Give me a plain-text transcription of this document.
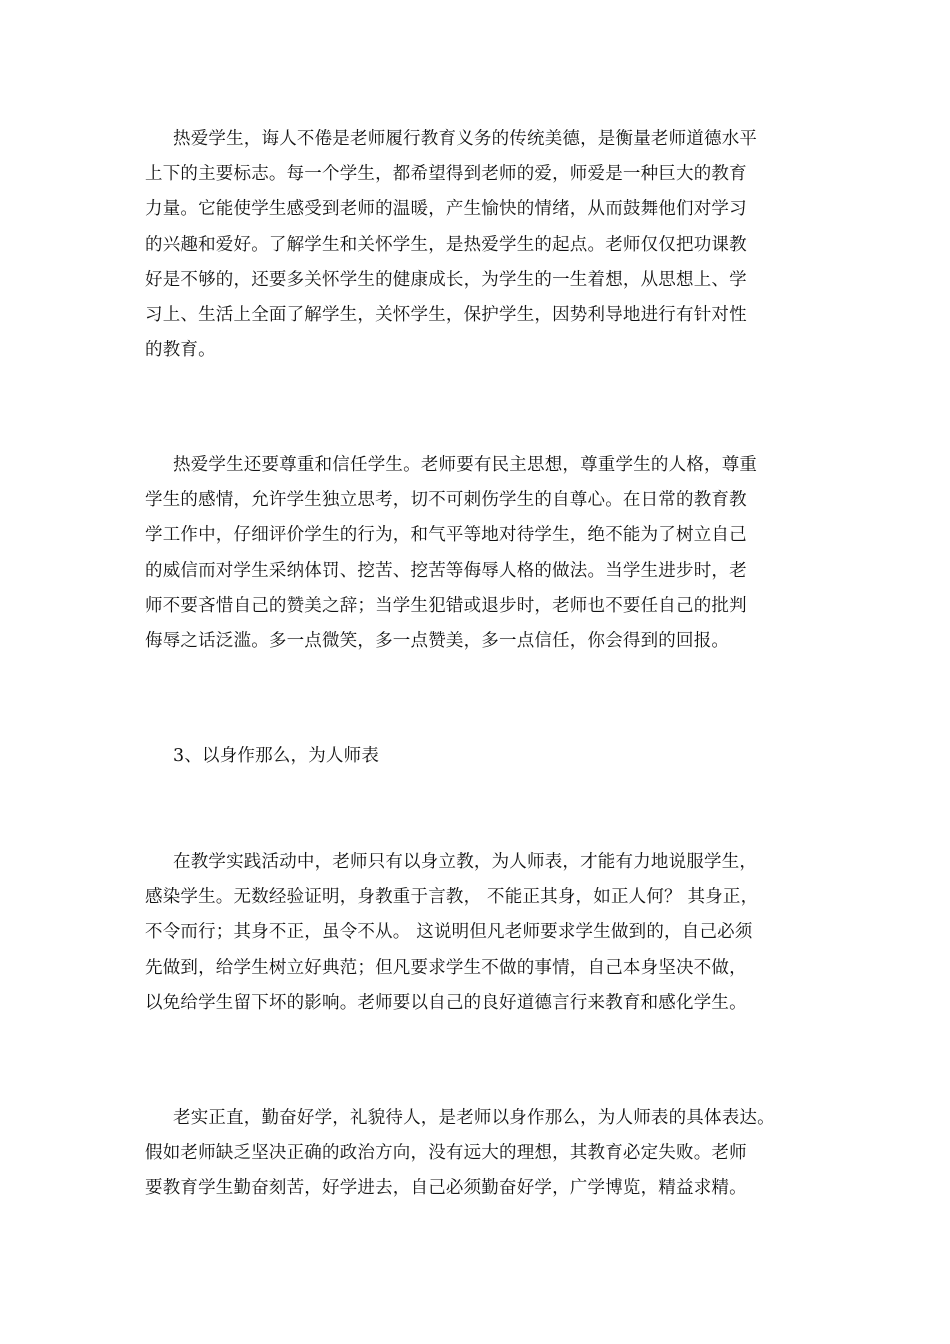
热爱学生，诲人不倦是老师履行教育义务的传统美德，是衡量老师道德水平
上下的主要标志。每一个学生，都希望得到老师的爱，师爱是一种巨大的教育
力量。它能使学生感受到老师的温暖，产生愉快的情绪，从而鼓舞他们对学习
的兴趣和爱好。了解学生和关怀学生，是热爱学生的起点。老师仅仅把功课教
好是不够的，还要多关怀学生的健康成长，为学生的一生着想，从思想上、学
习上、生活上全面了解学生，关怀学生，保护学生，因势利导地进行有针对性
的教育。
热爱学生还要尊重和信任学生。老师要有民主思想，尊重学生的人格，尊重
学生的感情，允许学生独立思考，切不可刺伤学生的自尊心。在日常的教育教
学工作中，仔细评价学生的行为，和气平等地对待学生，绝不能为了树立自己
的威信而对学生采纳体罚、挖苦、挖苦等侮辱人格的做法。当学生进步时，老
师不要吝惜自己的赞美之辞；当学生犯错或退步时，老师也不要任自己的批判
侮辱之话泛滥。多一点微笑，多一点赞美，多一点信任，你会得到的回报。
3、以身作那么，为人师表
在教学实践活动中，老师只有以身立教，为人师表，才能有力地说服学生，
感染学生。无数经验证明，身教重于言教， 不能正其身，如正人何？ 其身正，
不令而行；其身不正，虽令不从。 这说明但凡老师要求学生做到的，自己必须
先做到，给学生树立好典范；但凡要求学生不做的事情，自己本身坚决不做，
以免给学生留下坏的影响。老师要以自己的良好道德言行来教育和感化学生。
老实正直，勤奋好学，礼貌待人，是老师以身作那么，为人师表的具体表达。
假如老师缺乏坚决正确的政治方向，没有远大的理想，其教育必定失败。老师
要教育学生勤奋刻苦，好学进去，自己必须勤奋好学，广学博览，精益求精。
